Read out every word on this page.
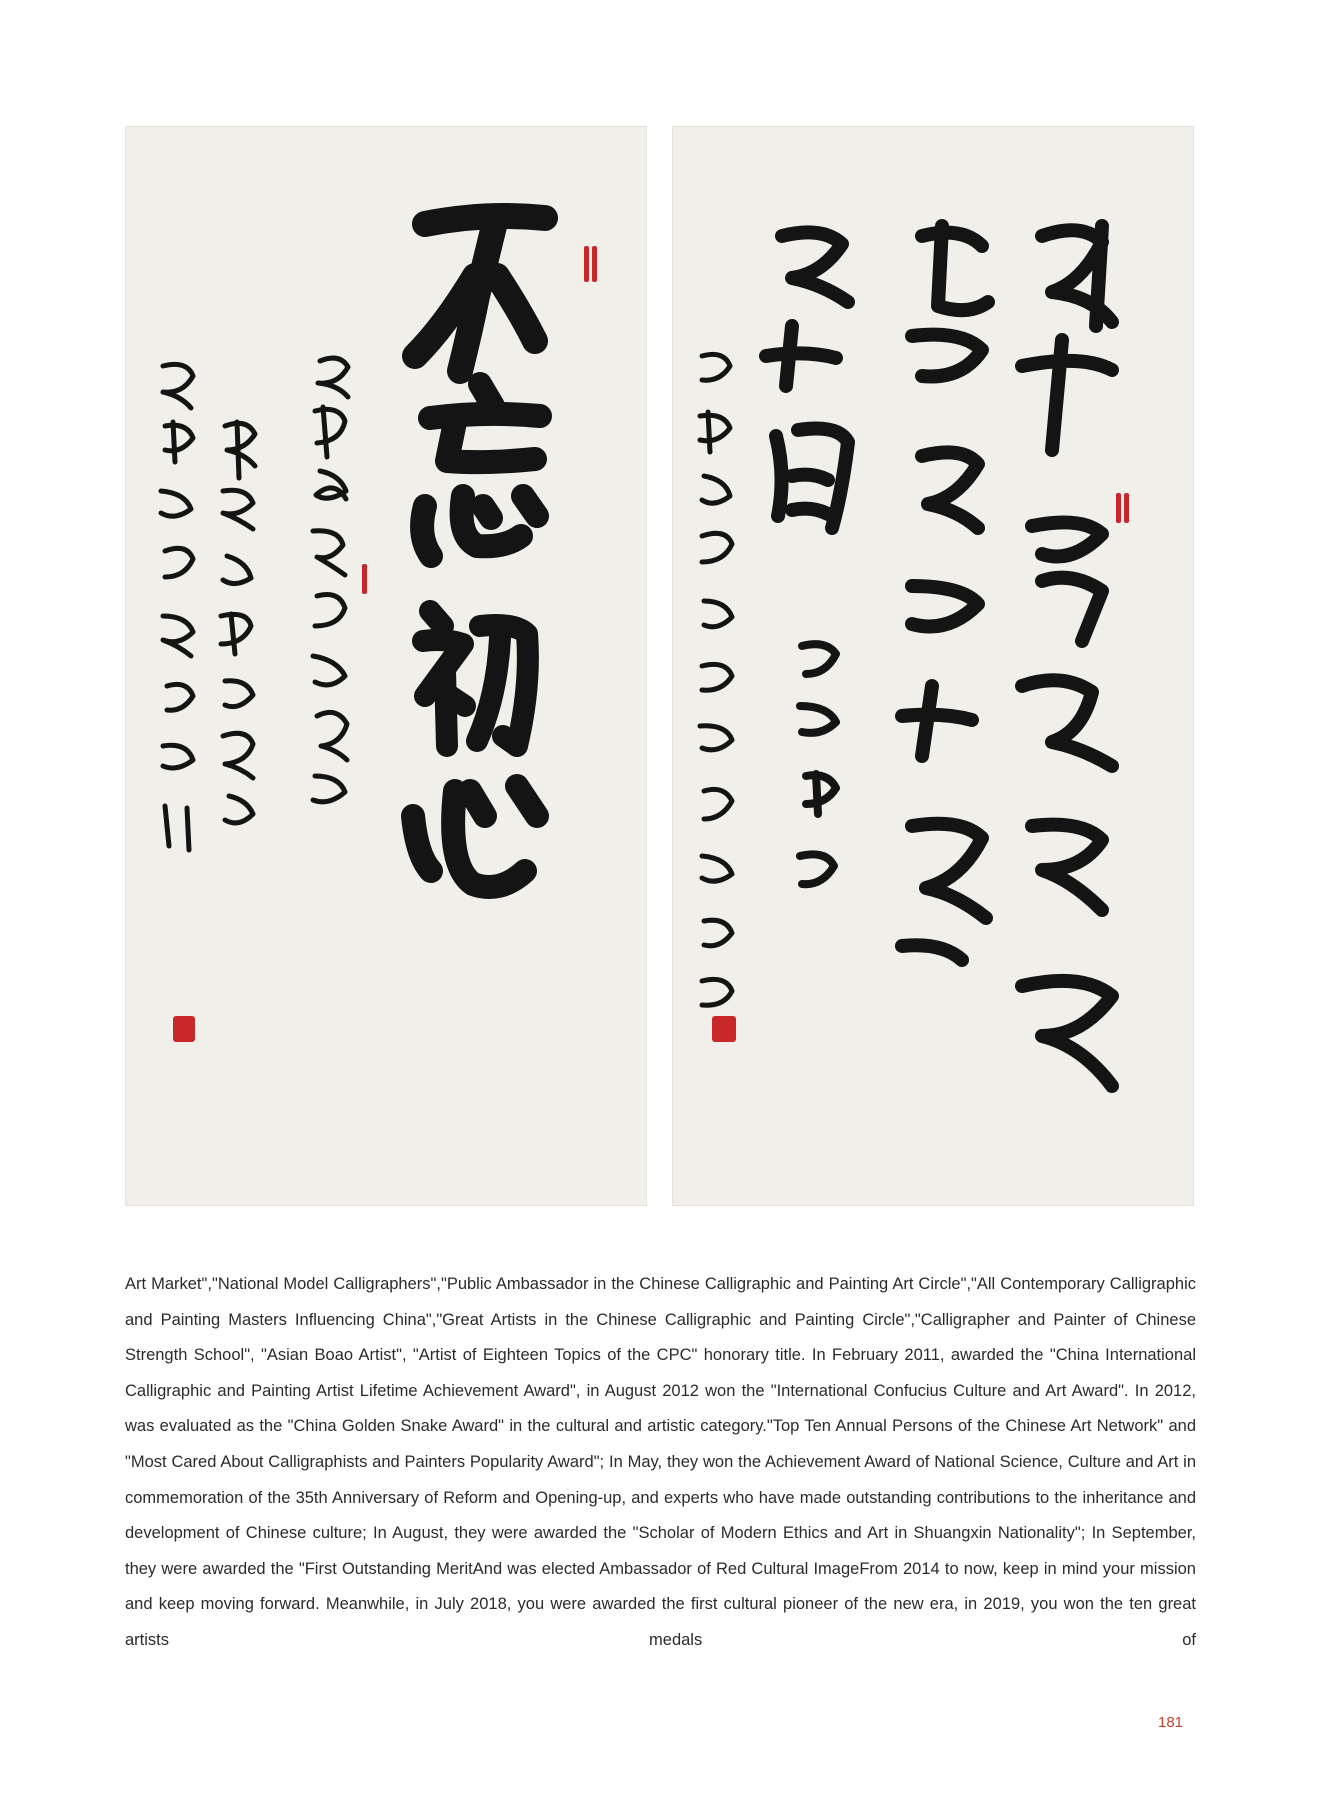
Art Market","National Model Calligraphers","Public Ambassador in the Chinese Calligraphic and Painting Art Circle","All Contemporary Calligraphic and Painting Masters Influencing China","Great Artists in the Chinese Calligraphic and Painting Circle","Calligrapher and Painter of Chinese Strength School", "Asian Boao Artist", "Artist of Eighteen Topics of the CPC" honorary title. In February 2011, awarded the "China International Calligraphic and Painting Artist Lifetime Achievement Award", in August 2012 won the "International Confucius Culture and Art Award". In 2012, was evaluated as the "China Golden Snake Award" in the cultural and artistic category."Top Ten Annual Persons of the Chinese Art Network" and "Most Cared About Calligraphists and Painters Popularity Award"; In May, they won the Achievement Award of National Science, Culture and Art in commemoration of the 35th Anniversary of Reform and Opening-up, and experts who have made outstanding contributions to the inheritance and development of Chinese culture; In August, they were awarded the "Scholar of Modern Ethics and Art in Shuangxin Nationality"; In September, they were awarded the "First Outstanding MeritAnd was elected Ambassador of Red Cultural ImageFrom 2014 to now, keep in mind your mission and keep moving forward. Meanwhile, in July 2018, you were awarded the first cultural pioneer of the new era, in 2019, you won the ten great artists medals of

181
